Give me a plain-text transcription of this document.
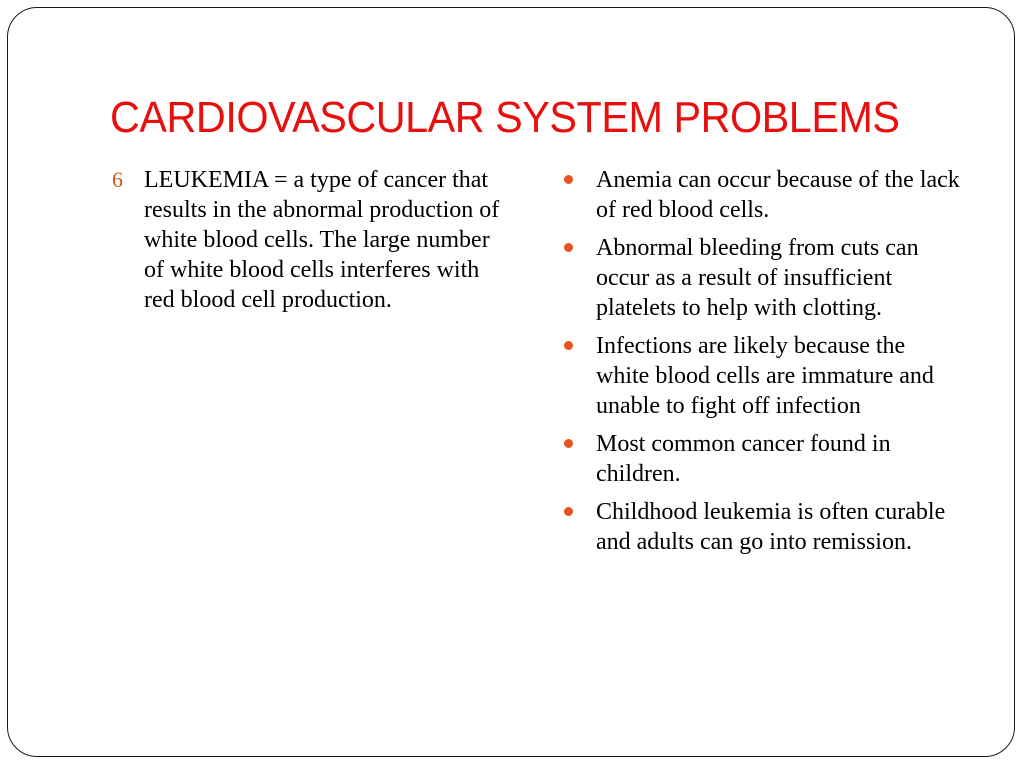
CARDIOVASCULAR SYSTEM PROBLEMS
6 LEUKEMIA = a type of cancer that results in the abnormal production of white blood cells. The large number of white blood cells interferes with red blood cell production.
Anemia can occur because of the lack of red blood cells.
Abnormal bleeding from cuts can occur as a result of insufficient platelets to help with clotting.
Infections are likely because the white blood cells are immature and unable to fight off infection
Most common cancer found in children.
Childhood leukemia is often curable and adults can go into remission.
